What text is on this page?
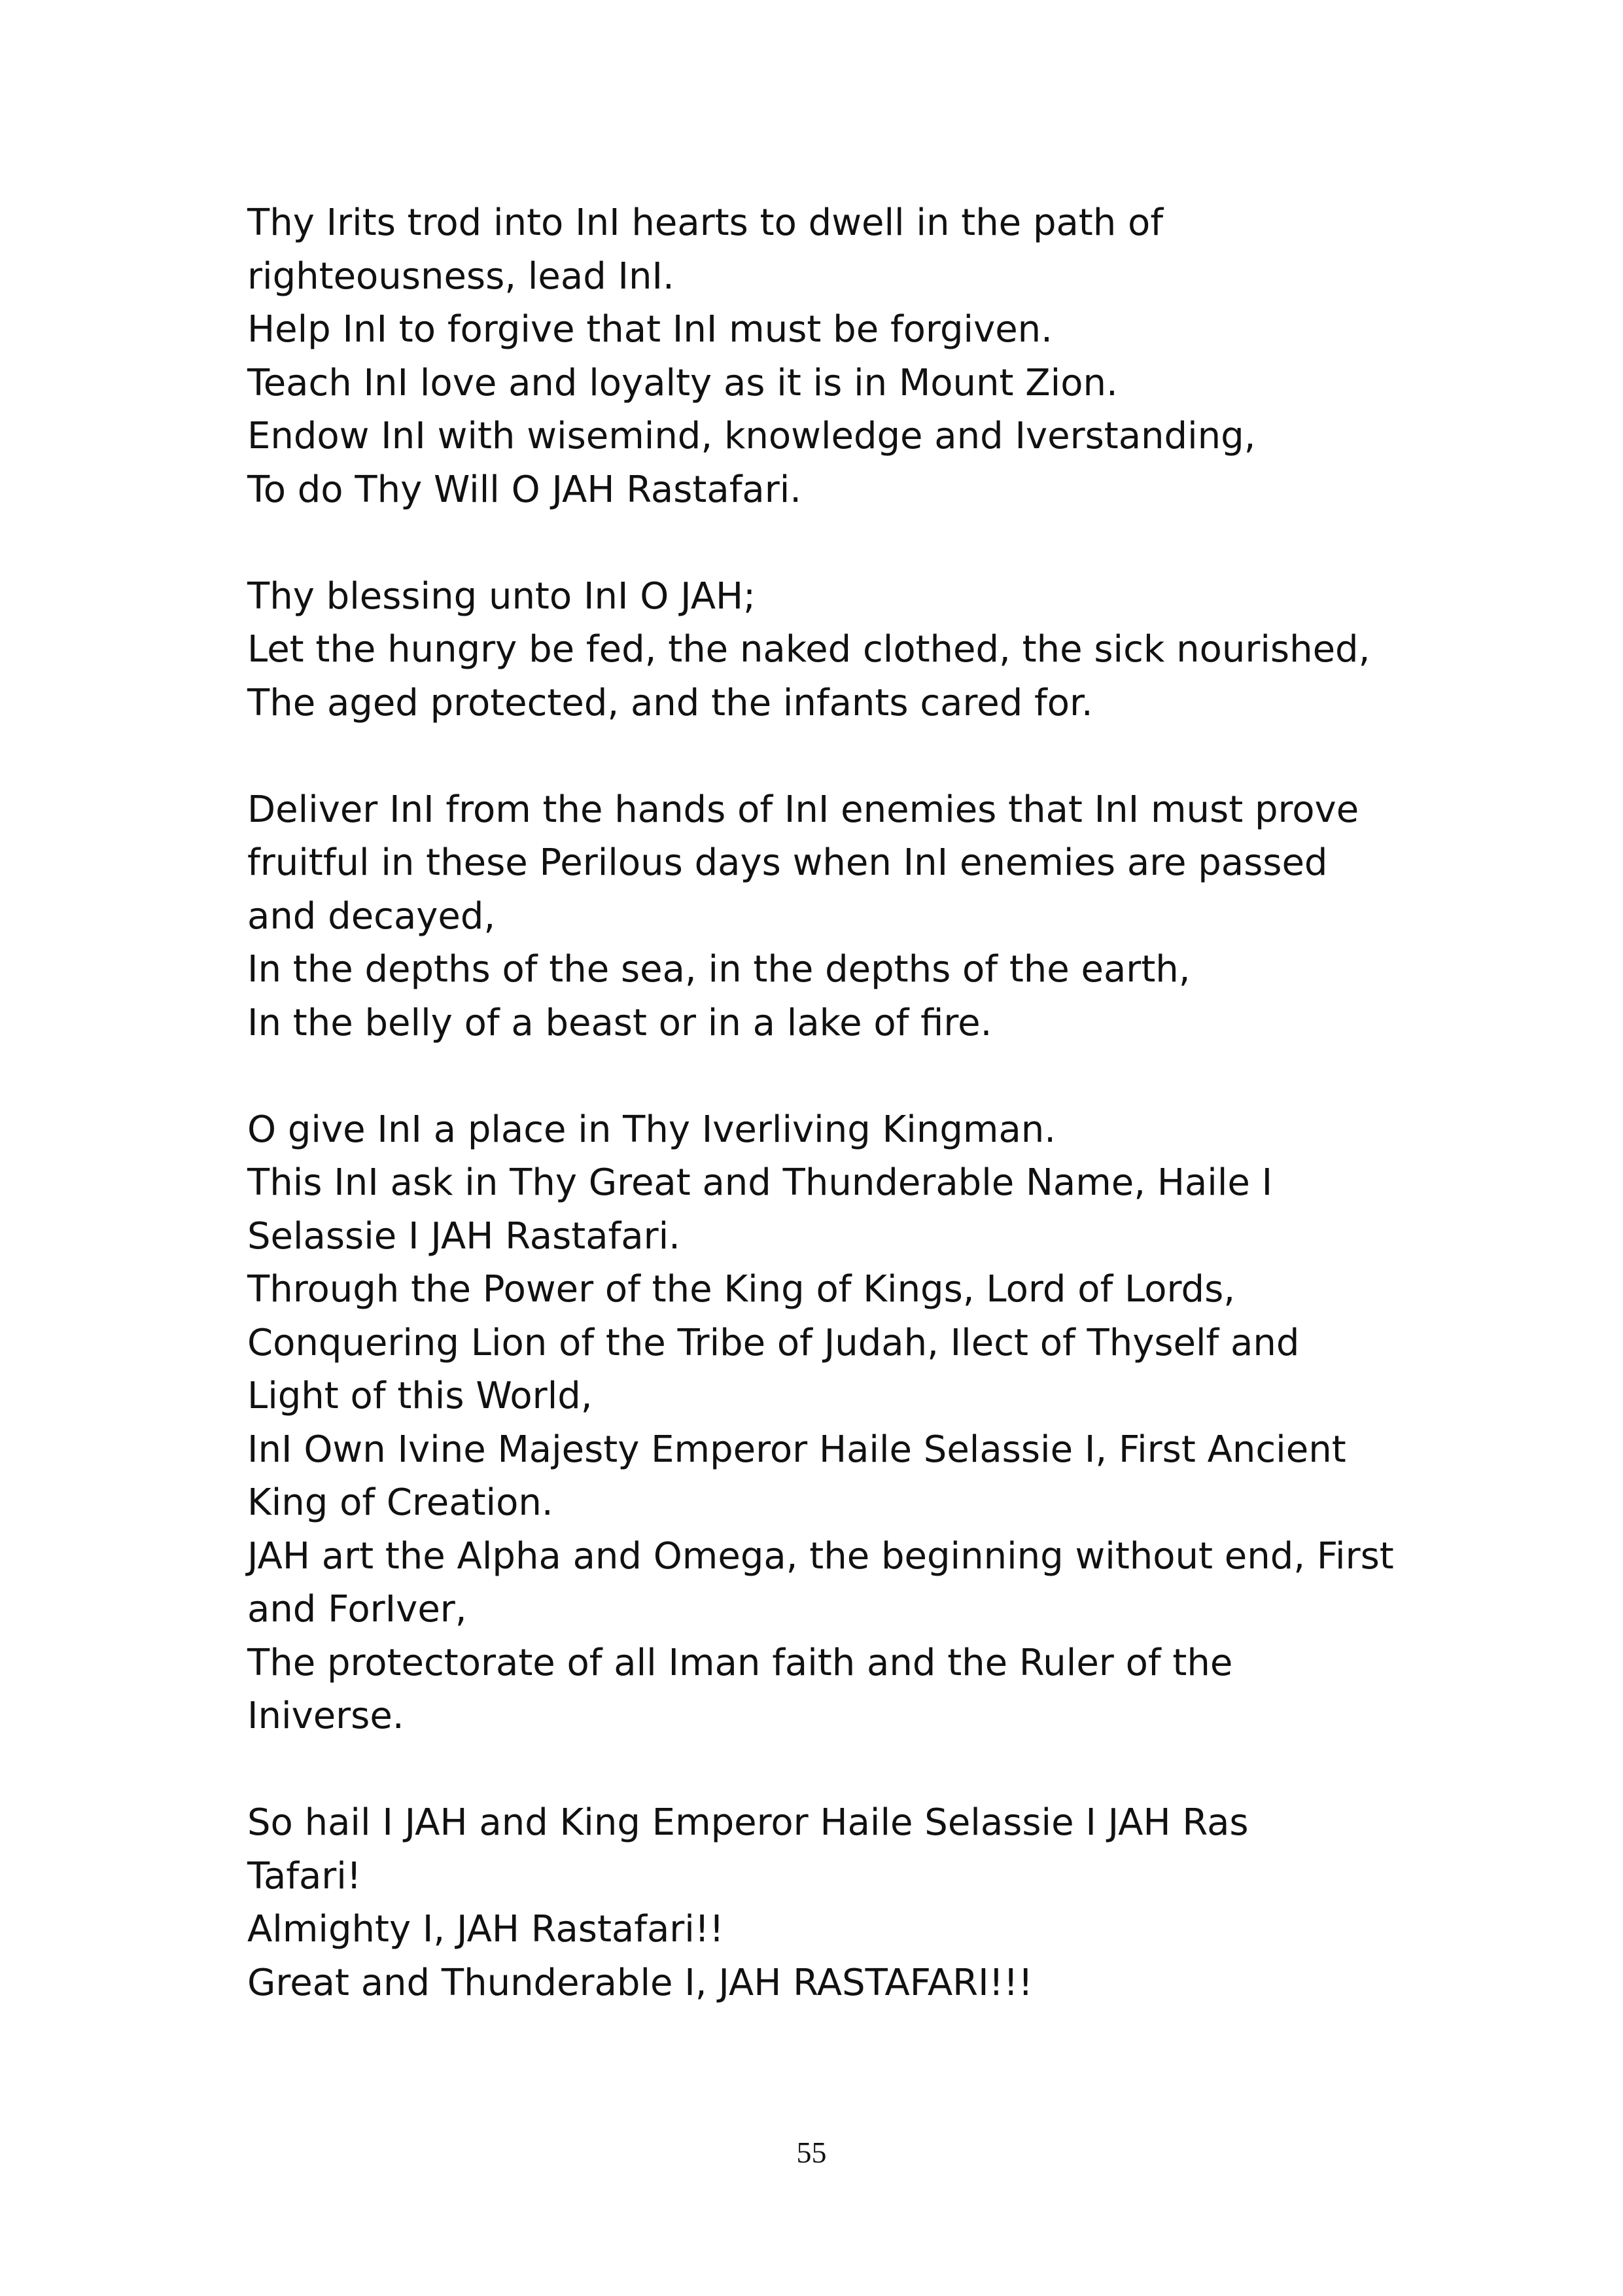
Thy Irits trod into InI hearts to dwell in the path of
righteousness, lead InI.
Help InI to forgive that InI must be forgiven.
Teach InI love and loyalty as it is in Mount Zion.
Endow InI with wisemind, knowledge and Iverstanding,
To do Thy Will O JAH Rastafari.
Thy blessing unto InI O JAH;
Let the hungry be fed, the naked clothed, the sick nourished,
The aged protected, and the infants cared for.
Deliver InI from the hands of InI enemies that InI must prove
fruitful in these Perilous days when InI enemies are passed
and decayed,
In the depths of the sea, in the depths of the earth,
In the belly of a beast or in a lake of fire.
O give InI a place in Thy Iverliving Kingman.
This InI ask in Thy Great and Thunderable Name, Haile I
Selassie I JAH Rastafari.
Through the Power of the King of Kings, Lord of Lords,
Conquering Lion of the Tribe of Judah, Ilect of Thyself and
Light of this World,
InI Own Ivine Majesty Emperor Haile Selassie I, First Ancient
King of Creation.
JAH art the Alpha and Omega, the beginning without end, First
and ForIver,
The protectorate of all Iman faith and the Ruler of the
Iniverse.
So hail I JAH and King Emperor Haile Selassie I JAH Ras
Tafari!
Almighty I, JAH Rastafari!!
Great and Thunderable I, JAH RASTAFARI!!!
55
